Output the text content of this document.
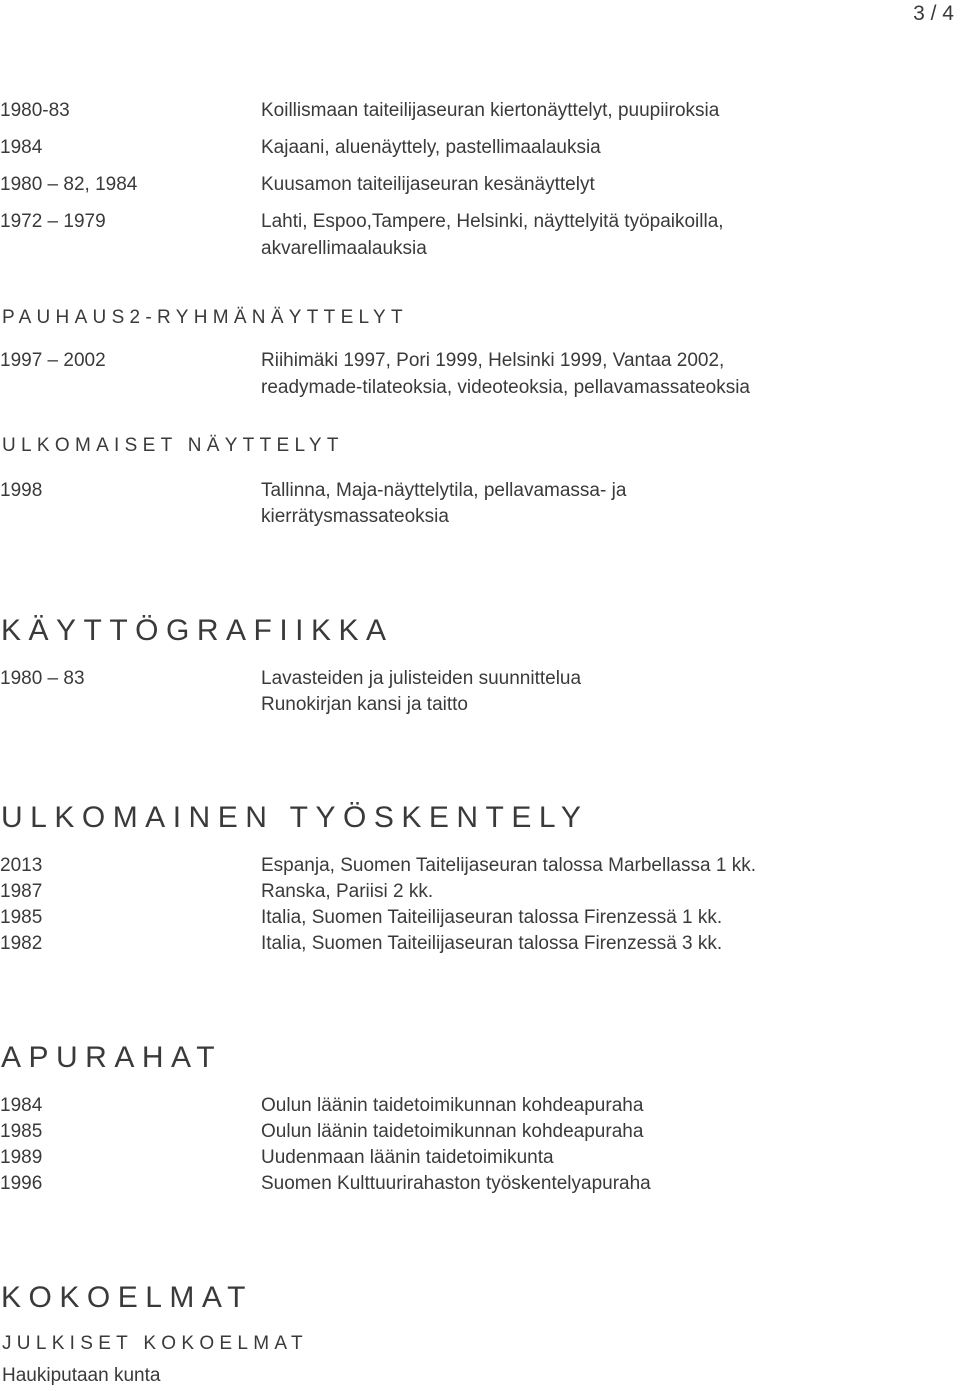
3 / 4
1980-83	Koillismaan taiteilijaseuran kiertonäyttelyt, puupiiroksia
1984	Kajaani, aluenäyttely, pastellimaalauksia
1980 – 82, 1984	Kuusamon taiteilijaseuran kesänäyttelyt
1972 – 1979	Lahti, Espoo,Tampere, Helsinki, näyttelyitä työpaikoilla,
akvarellimaalauksia
PAUHAUS2-RYHMÄNÄYTTELYT
1997 – 2002	Riihimäki 1997, Pori 1999, Helsinki 1999, Vantaa 2002,
readymade-tilateoksia, videoteoksia, pellavamassateoksia
ULKOMAISET NÄYTTELYT
1998	Tallinna, Maja-näyttelytila, pellavamassa- ja
kierrätysmassateoksia
KÄYTTÖGRAFIIKKA
1980 – 83	Lavasteiden ja julisteiden suunnittelua
Runokirjan kansi ja taitto
ULKOMAINEN TYÖSKENTELY
2013	Espanja, Suomen Taitelijaseuran talossa Marbellassa 1 kk.
1987	Ranska, Pariisi 2 kk.
1985	Italia, Suomen Taiteilijaseuran talossa Firenzessä 1 kk.
1982	Italia, Suomen Taiteilijaseuran talossa Firenzessä 3 kk.
APURAHAT
1984	Oulun läänin taidetoimikunnan kohdeapuraha
1985	Oulun läänin taidetoimikunnan kohdeapuraha
1989	Uudenmaan läänin taidetoimikunta
1996	Suomen Kulttuurirahaston työskentelyapuraha
KOKOELMAT
JULKISET KOKOELMAT
Haukiputaan kunta
